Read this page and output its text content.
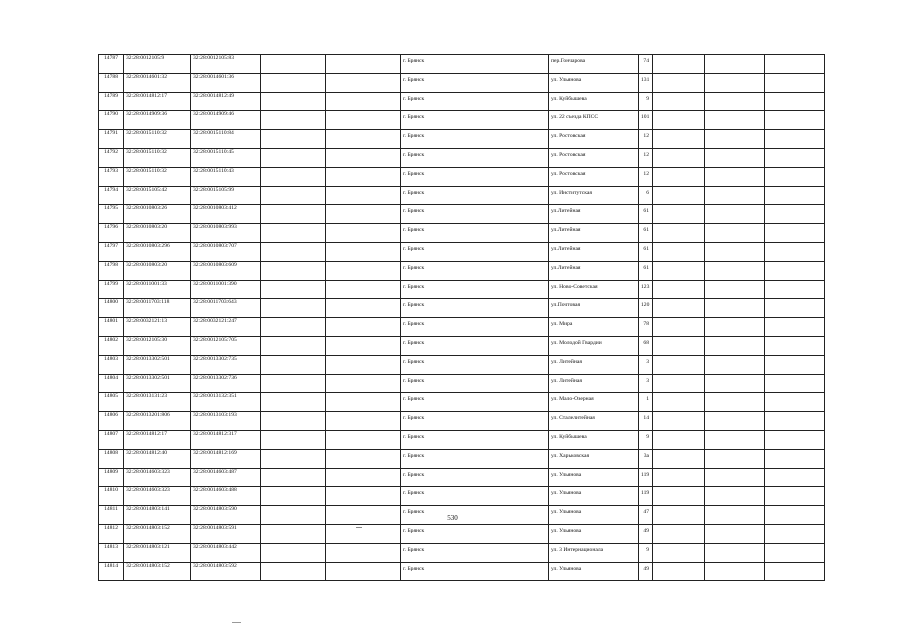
14787	32:28:0012105:9	32:28:0012105:83			г. Брянск	пер.Гончарова	74			
14788	32:28:0014601:32	32:28:0014601:36			г. Брянск	ул. Ульянова	131			
14789	32:28:0014812:17	32:28:0014812:49			г. Брянск	ул. Куйбышева	9			
14790	32:28:0014909:36	32:28:0014909:46			г. Брянск	ул. 22 съезда КПСС	101			
14791	32:28:0015110:32	32:28:0015110:84			г. Брянск	ул. Ростовская	12			
14792	32:28:0015110:32	32:28:0015110:45			г. Брянск	ул. Ростовская	12			
14793	32:28:0015110:32	32:28:0015110:43			г. Брянск	ул. Ростовская	12			
14794	32:28:0015105:42	32:28:0015105:99			г. Брянск	ул. Институтская	6			
14795	32:28:0010803:26	32:28:0010803:412			г. Брянск	ул.Литейная	61			
14796	32:28:0010803:20	32:28:0010803:993			г. Брянск	ул.Литейная	61			
14797	32:28:0010803:296	32:28:0010803:707			г. Брянск	ул.Литейная	61			
14798	32:28:0010803:20	32:28:0010803:609			г. Брянск	ул.Литейная	61			
14799	32:28:0011001:33	32:28:0011001:390			г. Брянск	ул. Ново-Советская	123			
14800	32:28:0011703:118	32:28:0011703:643			г. Брянск	ул.Почтовая	120			
14801	32:28:0032121:13	32:28:0032121:247			г. Брянск	ул. Мира	78			
14802	32:28:0012105:30	32:28:0012105:705			г. Брянск	ул. Молодой Гвардии	68			
14803	32:28:0013302:501	32:28:0013302:735			г. Брянск	ул. Литейная	3			
14804	32:28:0013302:501	32:28:0013302:736			г. Брянск	ул. Литейная	3			
14805	32:28:0013131:23	32:28:0013132:351			г. Брянск	ул. Мало-Озерная	1			
14806	32:28:0013201:806	32:28:0013103:193			г. Брянск	ул. Сталелитейная	14			
14807	32:28:0014812:17	32:28:0014812:317			г. Брянск	ул. Куйбышева	9			
14808	32:28:0014812:40	32:28:0014812:169			г. Брянск	ул. Харьковская	3а			
14809	32:28:0014603:323	32:28:0014603:487			г. Брянск	ул. Ульянова	119			
14810	32:28:0014603:323	32:28:0014603:488			г. Брянск	ул. Ульянова	119			
14811	32:28:0014803:141	32:28:0014803:590			г. Брянск	ул. Ульянова	47			
14812	32:28:0014803:152	32:28:0014803:591			г. Брянск	ул. Ульянова	49			
14813	32:28:0014803:121	32:28:0014803:442			г. Брянск	ул. 3 Интернационала	9			
14814	32:28:0014803:152	32:28:0014803:592			г. Брянск	ул. Ульянова	49			
530
